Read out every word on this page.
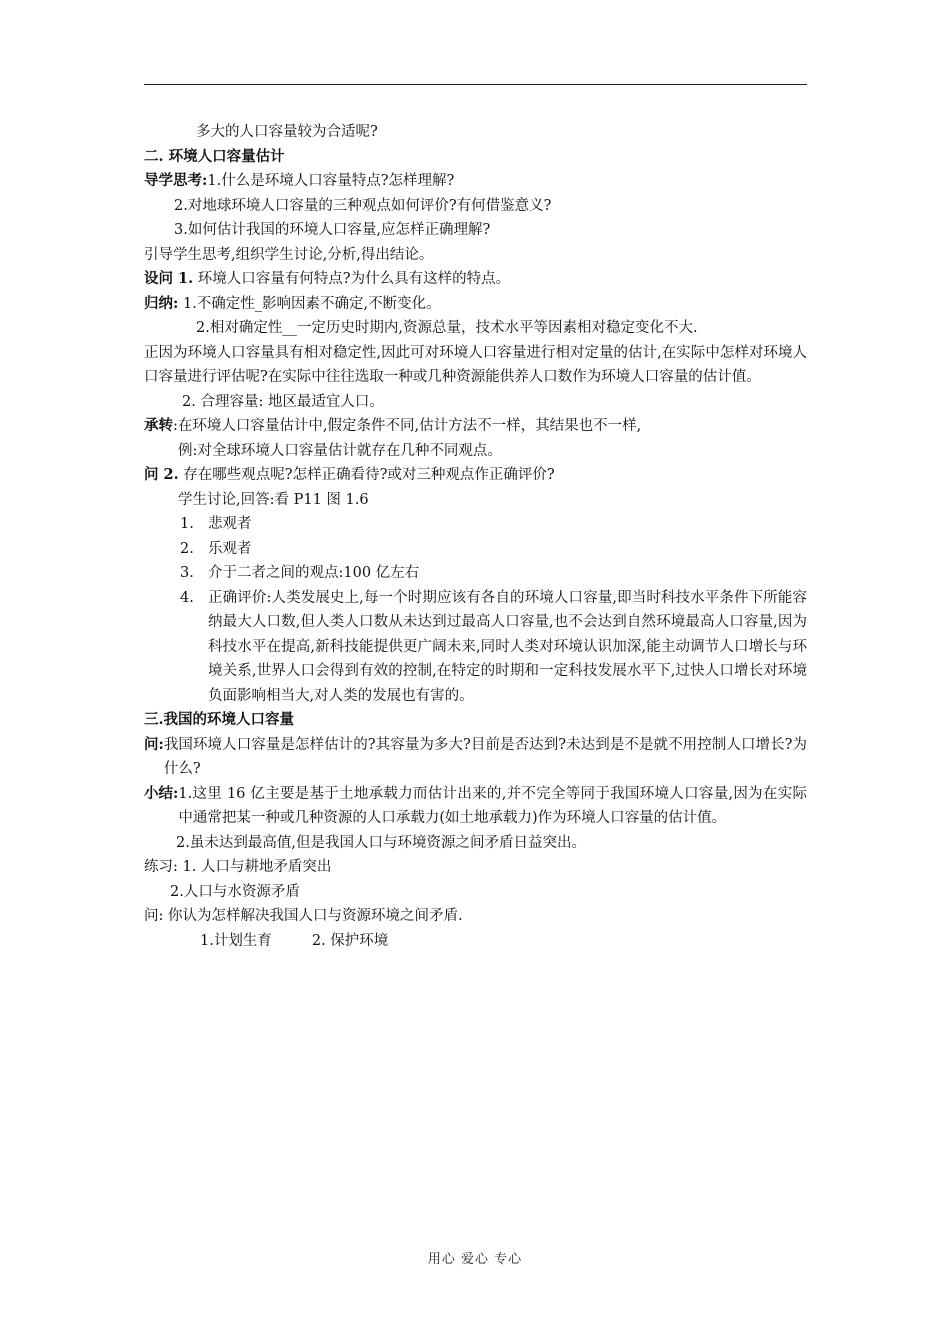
多大的人口容量较为合适呢?
二. 环境人口容量估计
导学思考:1.什么是环境人口容量特点?怎样理解?
2.对地球环境人口容量的三种观点如何评价?有何借鉴意义?
3.如何估计我国的环境人口容量,应怎样正确理解?
引导学生思考,组织学生讨论,分析,得出结论。
设问 1. 环境人口容量有何特点?为什么具有这样的特点。
归纳: 1.不确定性_影响因素不确定,不断变化。
2.相对确定性__一定历史时期内,资源总量，技术水平等因素相对稳定变化不大.
正因为环境人口容量具有相对稳定性,因此可对环境人口容量进行相对定量的估计,在实际中怎样对环境人口容量进行评估呢?在实际中往往选取一种或几种资源能供养人口数作为环境人口容量的估计值。
2. 合理容量: 地区最适宜人口。
承转:在环境人口容量估计中,假定条件不同,估计方法不一样，其结果也不一样,
例:对全球环境人口容量估计就存在几种不同观点。
问 2. 存在哪些观点呢?怎样正确看待?或对三种观点作正确评价?
学生讨论,回答:看 P11 图 1.6
1. 悲观者
2. 乐观者
3. 介于二者之间的观点:100 亿左右
4. 正确评价:人类发展史上,每一个时期应该有各自的环境人口容量,即当时科技水平条件下所能容纳最大人口数,但人类人口数从未达到过最高人口容量,也不会达到自然环境最高人口容量,因为科技水平在提高,新科技能提供更广阔未来,同时人类对环境认识加深,能主动调节人口增长与环境关系,世界人口会得到有效的控制,在特定的时期和一定科技发展水平下,过快人口增长对环境负面影响相当大,对人类的发展也有害的。
三.我国的环境人口容量
问: 我国环境人口容量是怎样估计的?其容量为多大?目前是否达到?未达到是不是就不用控制人口增长?为什么?
小结: 1.这里 16 亿主要是基于土地承载力而估计出来的,并不完全等同于我国环境人口容量,因为在实际中通常把某一种或几种资源的人口承载力(如土地承载力)作为环境人口容量的估计值。
2.虽未达到最高值,但是我国人口与环境资源之间矛盾日益突出。
练习: 1. 人口与耕地矛盾突出
2.人口与水资源矛盾
问: 你认为怎样解决我国人口与资源环境之间矛盾.
1.计划生育	2. 保护环境
用心 爱心 专心
